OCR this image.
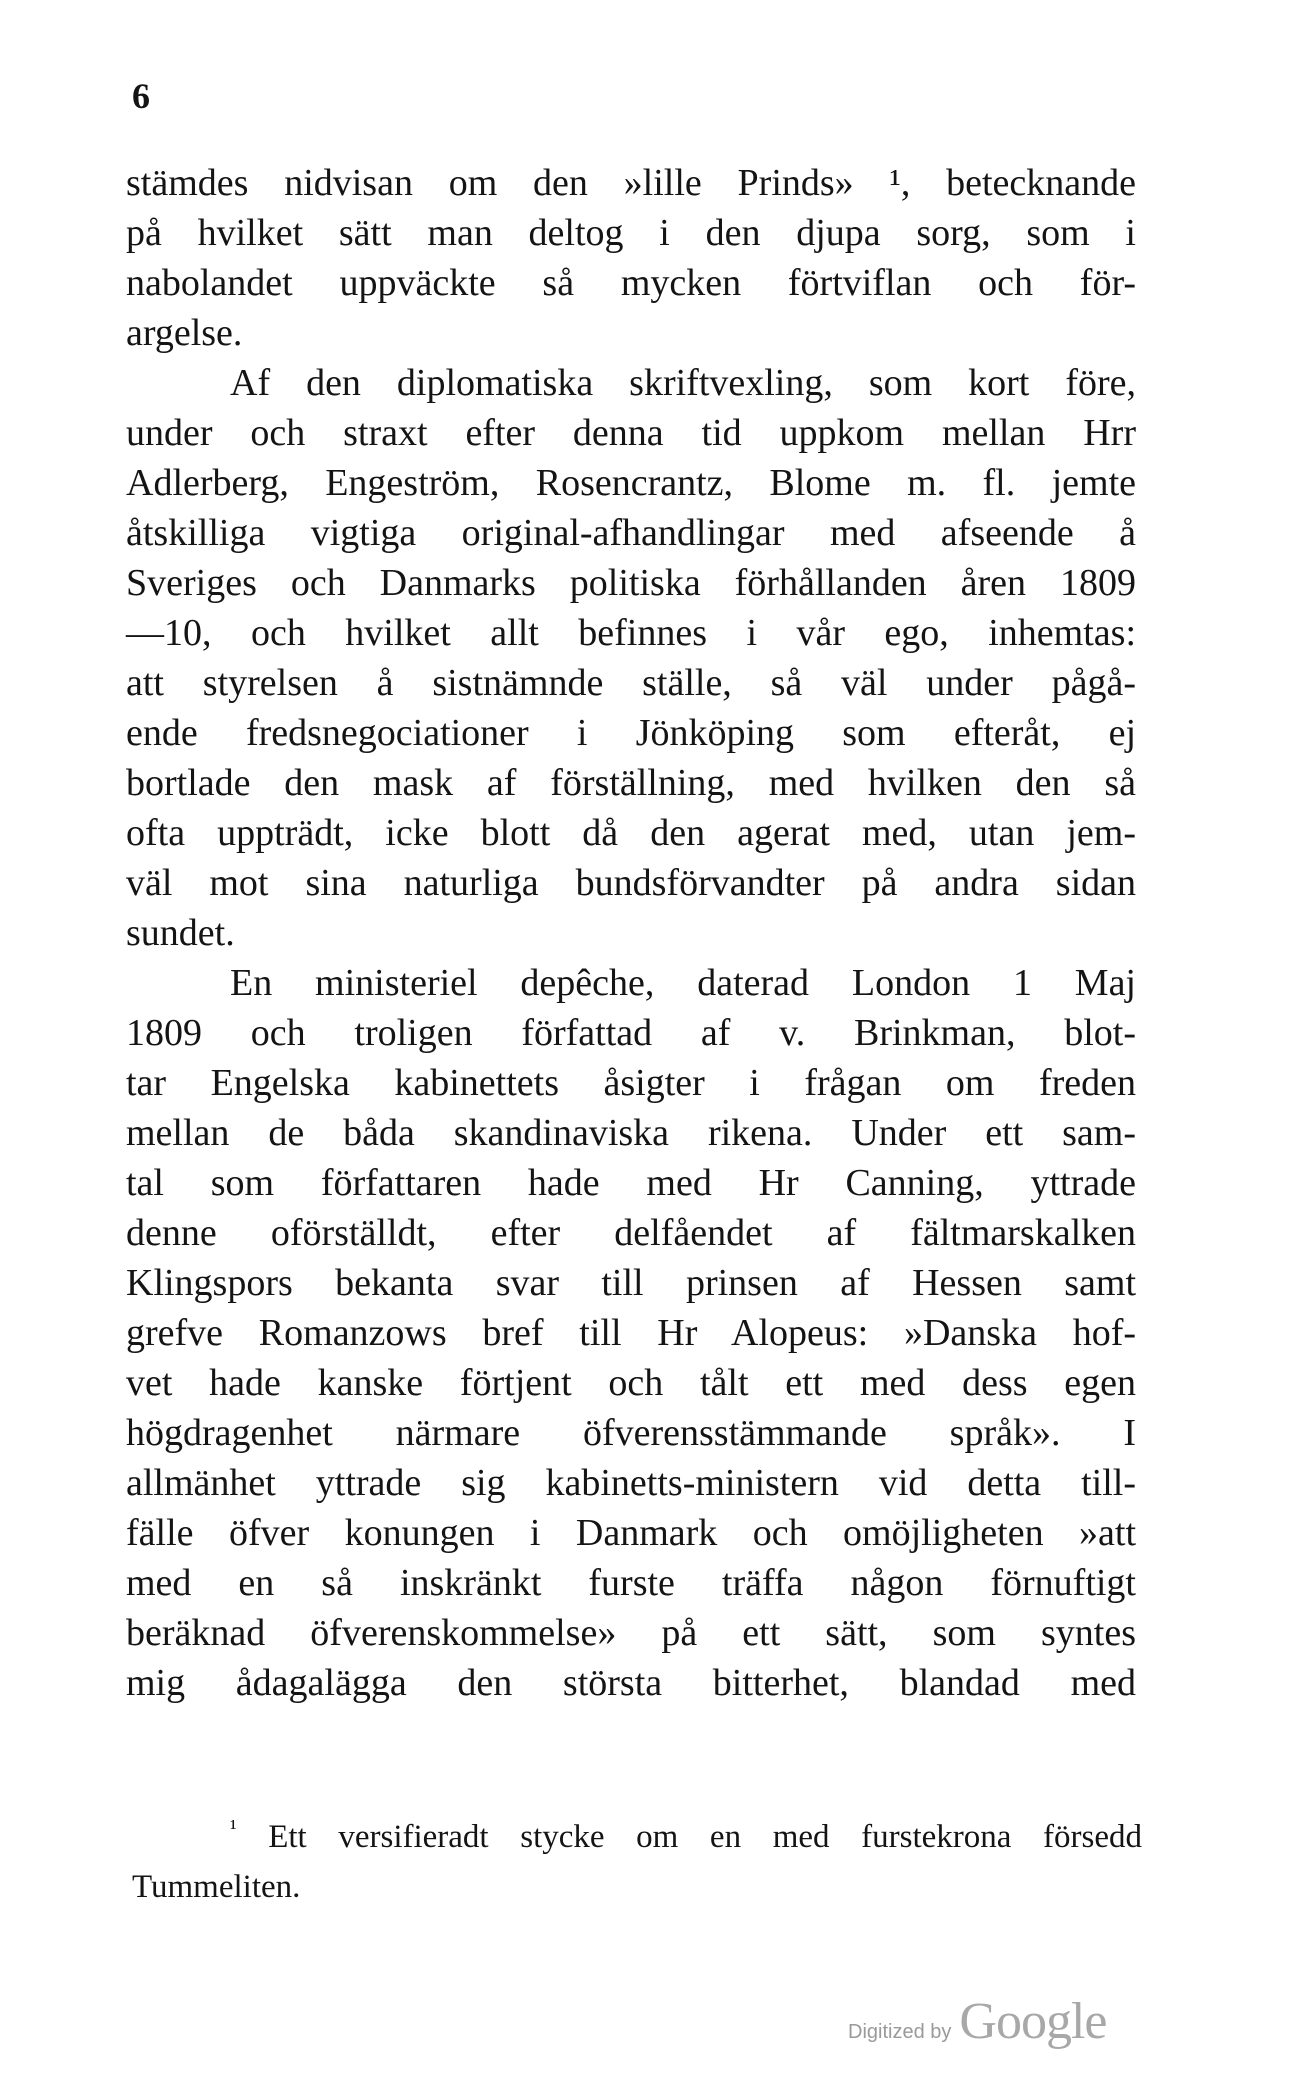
6
stämdes nidvisan om den »lille Prinds» ¹, betecknande
på hvilket sätt man deltog i den djupa sorg, som i
nabolandet uppväckte så mycken förtviflan och för-
argelse.
Af den diplomatiska skriftvexling, som kort före,
under och straxt efter denna tid uppkom mellan Hrr
Adlerberg, Engeström, Rosencrantz, Blome m. fl. jemte
åtskilliga vigtiga original-afhandlingar med afseende å
Sveriges och Danmarks politiska förhållanden åren 1809
—10, och hvilket allt befinnes i vår ego, inhemtas:
att styrelsen å sistnämnde ställe, så väl under pågå-
ende fredsnegociationer i Jönköping som efteråt, ej
bortlade den mask af förställning, med hvilken den så
ofta uppträdt, icke blott då den agerat med, utan jem-
väl mot sina naturliga bundsförvandter på andra sidan
sundet.
En ministeriel depêche, daterad London 1 Maj
1809 och troligen författad af v. Brinkman, blot-
tar Engelska kabinettets åsigter i frågan om freden
mellan de båda skandinaviska rikena. Under ett sam-
tal som författaren hade med Hr Canning, yttrade
denne oförställdt, efter delfåendet af fältmarskalken
Klingspors bekanta svar till prinsen af Hessen samt
grefve Romanzows bref till Hr Alopeus: »Danska hof-
vet hade kanske förtjent och tålt ett med dess egen
högdragenhet närmare öfverensstämmande språk». I
allmänhet yttrade sig kabinetts-ministern vid detta till-
fälle öfver konungen i Danmark och omöjligheten »att
med en så inskränkt furste träffa någon förnuftigt
beräknad öfverenskommelse» på ett sätt, som syntes
mig ådagalägga den största bitterhet, blandad med
$^{^1}$ Ett versifieradt stycke om en med furstekrona försedd
Tummeliten.
Digitized by Google
